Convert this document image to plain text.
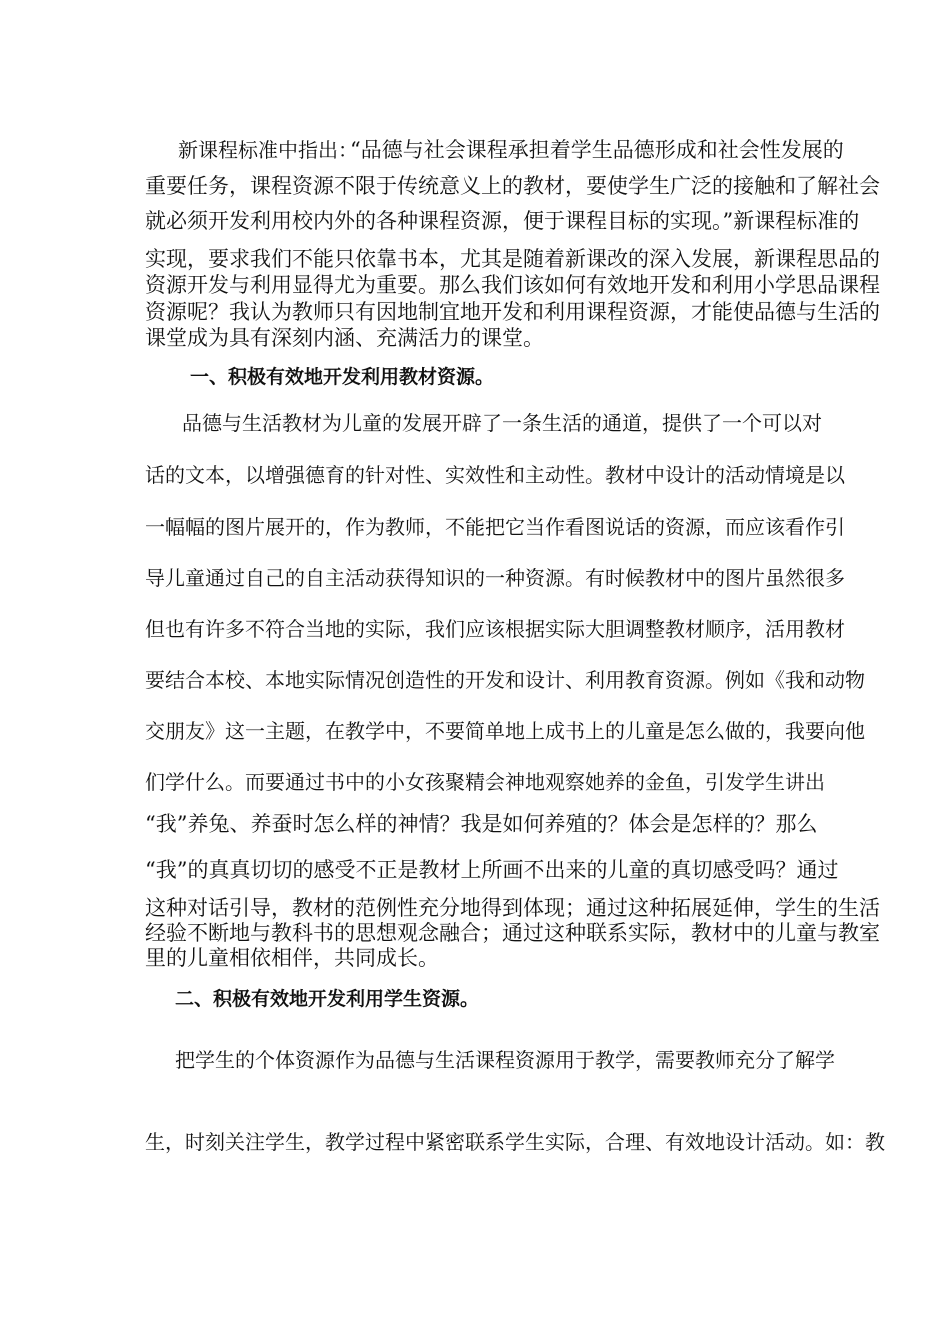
新课程标准中指出：

“品德与社会课程承担着学生品德形成和社会性发展的

重要任务，课程资源不限于传统意义上的教材，要使学生广泛的接触和了解社会

就必须开发利用校内外的各种课程资源，便于课程目标的实现。”新课程标准的

实现，要求我们不能只依靠书本，尤其是随着新课改的深入发展，新课程思品的

资源开发与利用显得尤为重要。那么我们该如何有效地开发和利用小学思品课程

资源呢？我认为教师只有因地制宜地开发和利用课程资源，才能使品德与生活的

课堂成为具有深刻内涵、充满活力的课堂。

一、积极有效地开发利用教材资源。

品德与生活教材为儿童的发展开辟了一条生活的通道，提供了一个可以对

话的文本，以增强德育的针对性、实效性和主动性。教材中设计的活动情境是以

一幅幅的图片展开的，作为教师，不能把它当作看图说话的资源，而应该看作引

导儿童通过自己的自主活动获得知识的一种资源。有时候教材中的图片虽然很多

但也有许多不符合当地的实际，我们应该根据实际大胆调整教材顺序，活用教材

要结合本校、本地实际情况创造性的开发和设计、利用教育资源。例如《我和动物

交朋友》这一主题，在教学中，不要简单地上成书上的儿童是怎么做的，我要向他

们学什么。而要通过书中的小女孩聚精会神地观察她养的金鱼，引发学生讲出

“我”养兔、养蚕时怎么样的神情？我是如何养殖的？体会是怎样的？那么

“我”的真真切切的感受不正是教材上所画不出来的儿童的真切感受吗？通过

这种对话引导，教材的范例性充分地得到体现；通过这种拓展延伸，学生的生活

经验不断地与教科书的思想观念融合；通过这种联系实际，教材中的儿童与教室

里的儿童相依相伴，共同成长。

二、积极有效地开发利用学生资源。

把学生的个体资源作为品德与生活课程资源用于教学，需要教师充分了解学

生，时刻关注学生，教学过程中紧密联系学生实际，合理、有效地设计活动。如：教
